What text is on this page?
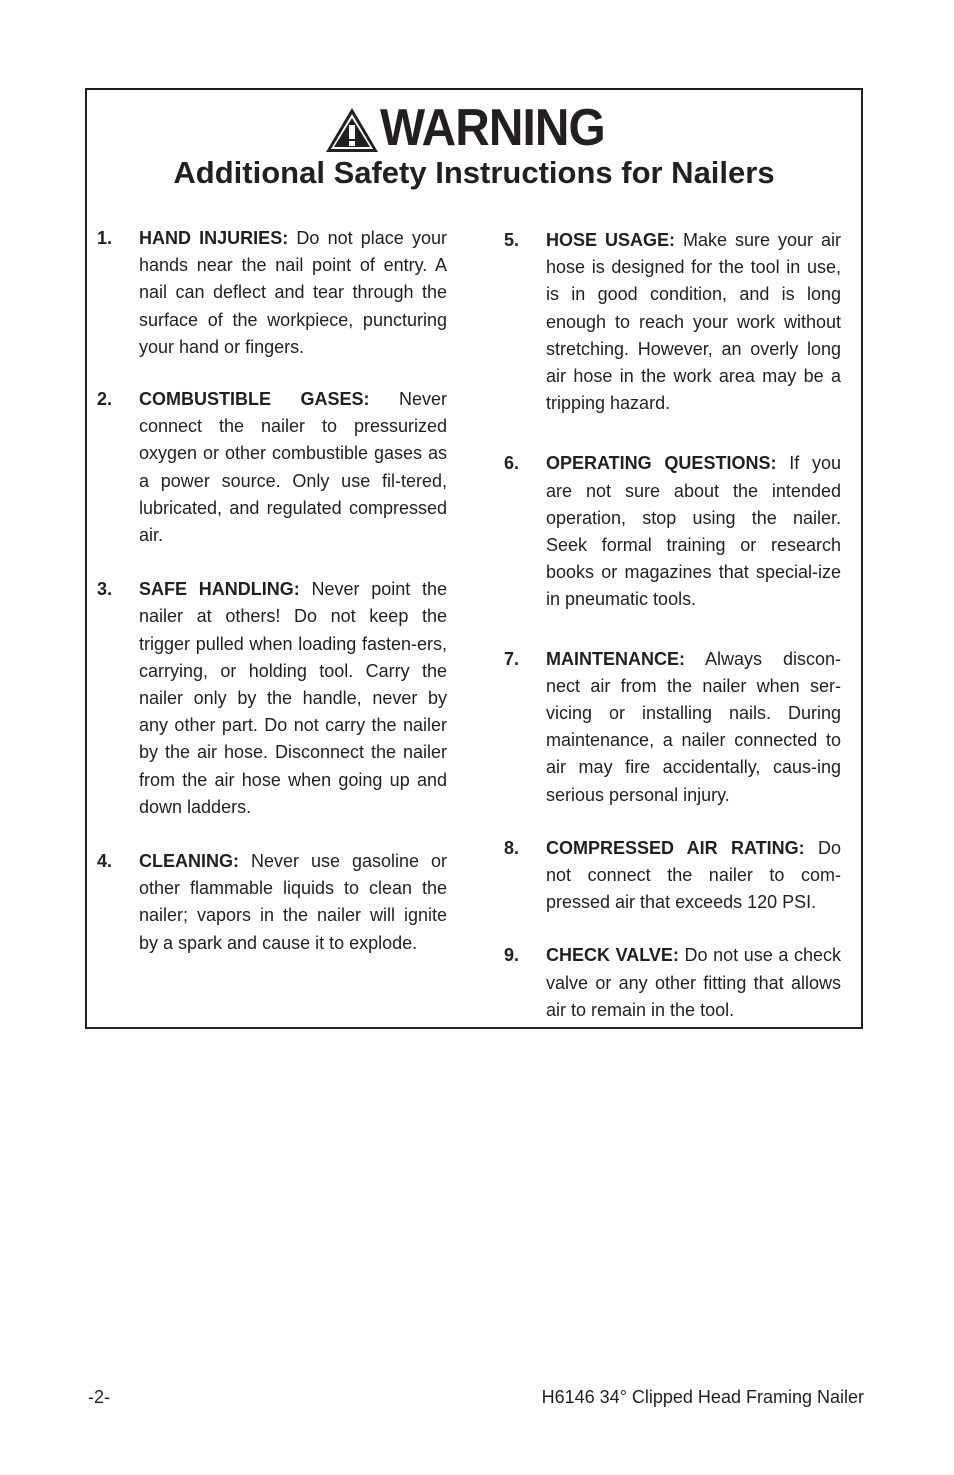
WARNING
Additional Safety Instructions for Nailers
1. HAND INJURIES: Do not place your hands near the nail point of entry. A nail can deflect and tear through the surface of the workpiece, puncturing your hand or fingers.
2. COMBUSTIBLE GASES: Never connect the nailer to pressurized oxygen or other combustible gases as a power source. Only use fil-tered, lubricated, and regulated compressed air.
3. SAFE HANDLING: Never point the nailer at others! Do not keep the trigger pulled when loading fasten-ers, carrying, or holding tool. Carry the nailer only by the handle, never by any other part. Do not carry the nailer by the air hose. Disconnect the nailer from the air hose when going up and down ladders.
4. CLEANING: Never use gasoline or other flammable liquids to clean the nailer; vapors in the nailer will ignite by a spark and cause it to explode.
5. HOSE USAGE: Make sure your air hose is designed for the tool in use, is in good condition, and is long enough to reach your work without stretching. However, an overly long air hose in the work area may be a tripping hazard.
6. OPERATING QUESTIONS: If you are not sure about the intended operation, stop using the nailer. Seek formal training or research books or magazines that special-ize in pneumatic tools.
7. MAINTENANCE: Always discon-nect air from the nailer when ser-vicing or installing nails. During maintenance, a nailer connected to air may fire accidentally, caus-ing serious personal injury.
8. COMPRESSED AIR RATING: Do not connect the nailer to com-pressed air that exceeds 120 PSI.
9. CHECK VALVE: Do not use a check valve or any other fitting that allows air to remain in the tool.
-2-	H6146 34° Clipped Head Framing Nailer
